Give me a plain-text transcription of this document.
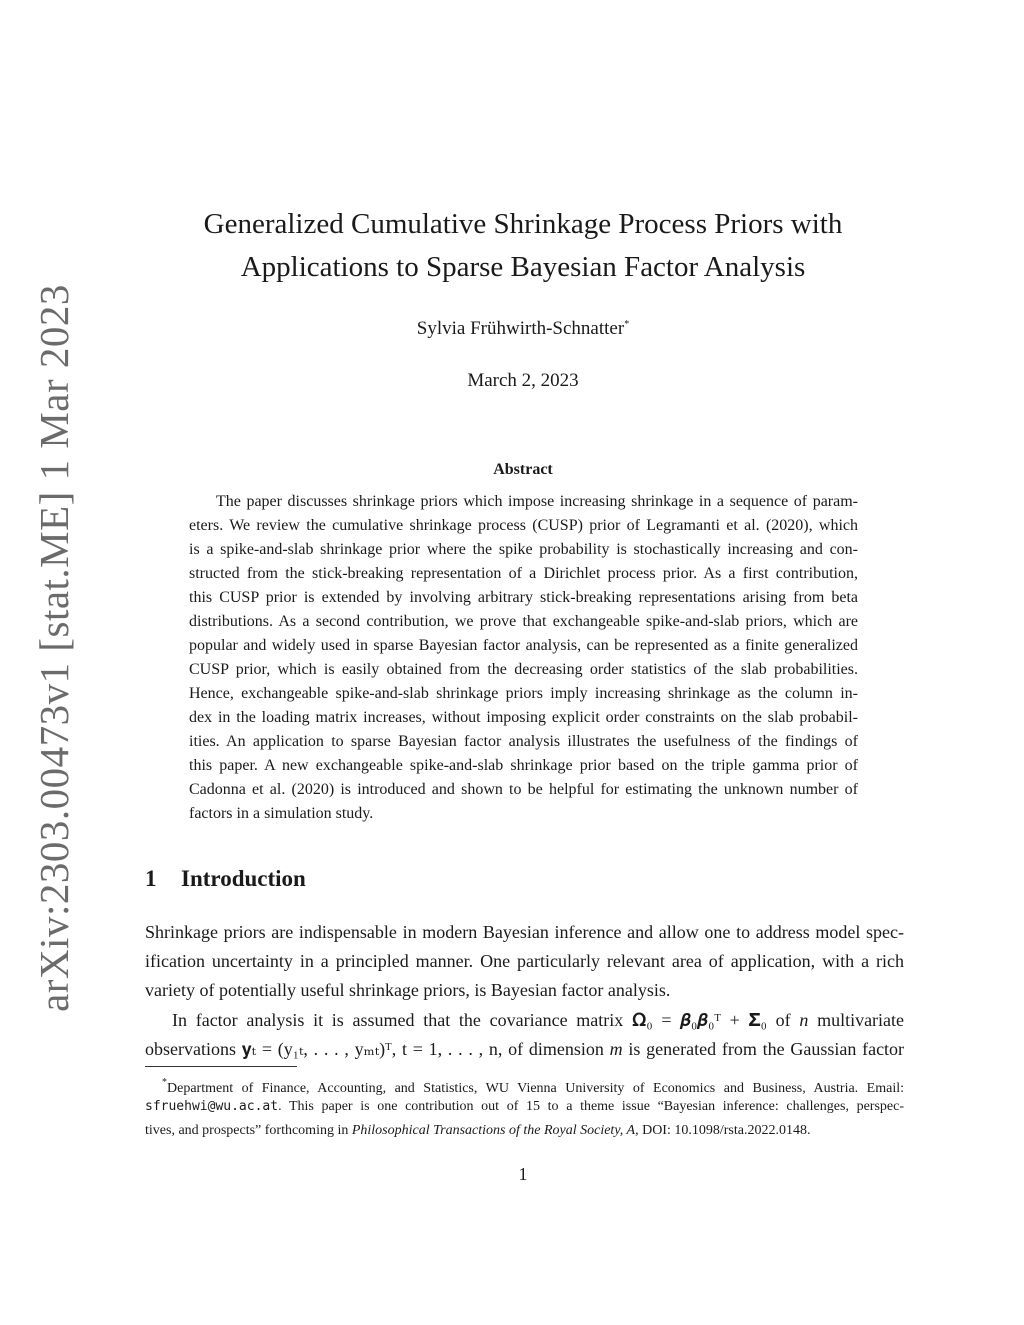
arXiv:2303.00473v1 [stat.ME] 1 Mar 2023
Generalized Cumulative Shrinkage Process Priors with
Applications to Sparse Bayesian Factor Analysis
Sylvia Frühwirth-Schnatter*
March 2, 2023
Abstract
The paper discusses shrinkage priors which impose increasing shrinkage in a sequence of param-
eters. We review the cumulative shrinkage process (CUSP) prior of Legramanti et al. (2020), which
is a spike-and-slab shrinkage prior where the spike probability is stochastically increasing and con-
structed from the stick-breaking representation of a Dirichlet process prior. As a first contribution,
this CUSP prior is extended by involving arbitrary stick-breaking representations arising from beta
distributions. As a second contribution, we prove that exchangeable spike-and-slab priors, which are
popular and widely used in sparse Bayesian factor analysis, can be represented as a finite generalized
CUSP prior, which is easily obtained from the decreasing order statistics of the slab probabilities.
Hence, exchangeable spike-and-slab shrinkage priors imply increasing shrinkage as the column in-
dex in the loading matrix increases, without imposing explicit order constraints on the slab probabil-
ities. An application to sparse Bayesian factor analysis illustrates the usefulness of the findings of
this paper. A new exchangeable spike-and-slab shrinkage prior based on the triple gamma prior of
Cadonna et al. (2020) is introduced and shown to be helpful for estimating the unknown number of
factors in a simulation study.
1 Introduction
Shrinkage priors are indispensable in modern Bayesian inference and allow one to address model spec-
ification uncertainty in a principled manner. One particularly relevant area of application, with a rich
variety of potentially useful shrinkage priors, is Bayesian factor analysis.
In factor analysis it is assumed that the covariance matrix 𝛀₀ = 𝜷₀𝜷₀ᵀ + 𝚺₀ of n multivariate
observations 𝐲ₜ = (y₁ₜ, . . . , yₘₜ)ᵀ, t = 1, . . . , n, of dimension m is generated from the Gaussian factor
*Department of Finance, Accounting, and Statistics, WU Vienna University of Economics and Business, Austria. Email:
sfruehwi@wu.ac.at. This paper is one contribution out of 15 to a theme issue “Bayesian inference: challenges, perspec-
tives, and prospects” forthcoming in Philosophical Transactions of the Royal Society, A, DOI: 10.1098/rsta.2022.0148.
1
